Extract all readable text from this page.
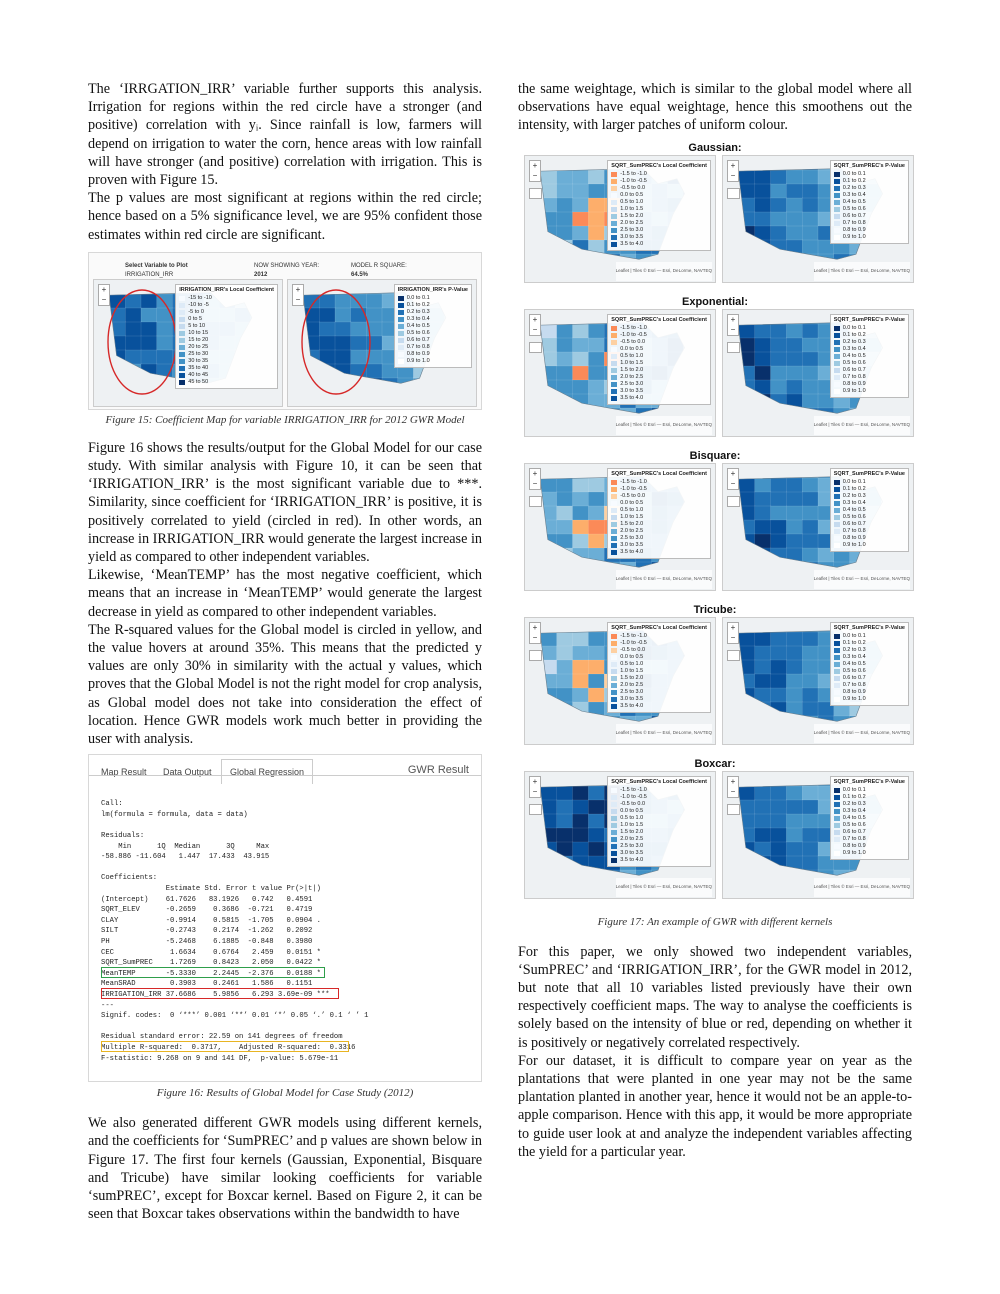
The ‘IRRGATION_IRR’ variable further supports this analysis. Irrigation for regions within the red circle have a stronger (and positive) correlation with yᵢ. Since rainfall is low, farmers will depend on irrigation to water the corn, hence areas with low rainfall will have stronger (and positive) correlation with irrigation. This is proven with Figure 15.

The p values are most significant at regions within the red circle; hence based on a 5% significance level, we are 95% confident those estimates within red circle are significant.

Select Variable to Plot
IRRIGATION_IRR
NOW SHOWING YEAR:
2012
MODEL R SQUARE:
64.5%
+
−
IRRIGATION_IRR's Local Coefficient
-15 to -10
-10 to -5
-5 to 0
0 to 5
5 to 10
10 to 15
15 to 20
20 to 25
25 to 30
30 to 35
35 to 40
40 to 45
45 to 50
+
−
IRRIGATION_IRR's P-Value
0.0 to 0.1
0.1 to 0.2
0.2 to 0.3
0.3 to 0.4
0.4 to 0.5
0.5 to 0.6
0.6 to 0.7
0.7 to 0.8
0.8 to 0.9
0.9 to 1.0
Figure 15: Coefficient Map for variable IRRIGATION_IRR for 2012 GWR Model

Figure 16 shows the results/output for the Global Model for our case study. With similar analysis with Figure 10, it can be seen that ‘IRRIGATION_IRR’ is the most significant variable due to ***. Similarity, since coefficient for ‘IRRIGATION_IRR’ is positive, it is positively correlated to yield (circled in red). In other words, an increase in IRRIGATION_IRR would generate the largest increase in yield as compared to other independent variables.

Likewise, ‘MeanTEMP’ has the most negative coefficient, which means that an increase in ‘MeanTEMP’ would generate the largest decrease in yield as compared to other independent variables.

The R-squared values for the Global model is circled in yellow, and the value hovers at around 35%. This means that the predicted y values are only 30% in similarity with the actual y values, which proves that the Global Model is not the right model for crop analysis, as Global model does not take into consideration the effect of location. Hence GWR models work much better in providing the user with analysis.

Map Result Data Output	Global Regression	GWR Result
Call:
lm(formula = formula, data = data)
Residuals:
Min      1Q  Median      3Q     Max
-58.886 -11.604   1.447  17.433  43.915
Coefficients:
Estimate Std. Error t value Pr(>|t|)
(Intercept)    61.7626   83.1926   0.742   0.4591
SQRT_ELEV      -0.2659    0.3686  -0.721   0.4719
CLAY           -0.9914    0.5815  -1.705   0.0904 .
SILT           -0.2743    0.2174  -1.262   0.2092
PH             -5.2468    6.1885  -0.848   0.3980
CEC             1.6634    0.6764   2.459   0.0151 *
SQRT_SumPREC    1.7269    0.8423   2.050   0.0422 *
MeanTEMP       -5.3330    2.2445  -2.376   0.0188 *
MeanSRAD        0.3903    0.2461   1.586   0.1151
IRRIGATION_IRR 37.6686    5.9856   6.293 3.69e-09 ***
---
Signif. codes:  0 ‘***’ 0.001 ‘**’ 0.01 ‘*’ 0.05 ‘.’ 0.1 ‘ ’ 1
Residual standard error: 22.59 on 141 degrees of freedom
Multiple R-squared:  0.3717,    Adjusted R-squared:  0.3316
F-statistic: 9.268 on 9 and 141 DF,  p-value: 5.679e-11
Figure 16: Results of Global Model for Case Study (2012)

We also generated different GWR models using different kernels, and the coefficients for ‘SumPREC’ and p values are shown below in Figure 17. The first four kernels (Gaussian, Exponential, Bisquare and Tricube) have similar looking coefficients for variable ‘sumPREC’, except for Boxcar kernel. Based on Figure 2, it can be seen that Boxcar takes observations within the bandwidth to have

the same weightage, which is similar to the global model where all observations have equal weightage, hence this smoothens out the intensity, with larger patches of uniform colour.

Gaussian:
+
−
SQRT_SumPREC's Local Coefficient
-1.5 to -1.0
-1.0 to -0.5
-0.5 to 0.0
0.0 to 0.5
0.5 to 1.0
1.0 to 1.5
1.5 to 2.0
2.0 to 2.5
2.5 to 3.0
3.0 to 3.5
3.5 to 4.0
Leaflet | Tiles © Esri — Esri, DeLorme, NAVTEQ
+
−
SQRT_SumPREC's P-Value
0.0 to 0.1
0.1 to 0.2
0.2 to 0.3
0.3 to 0.4
0.4 to 0.5
0.5 to 0.6
0.6 to 0.7
0.7 to 0.8
0.8 to 0.9
0.9 to 1.0
Leaflet | Tiles © Esri — Esri, DeLorme, NAVTEQ
Exponential:
+
−
SQRT_SumPREC's Local Coefficient
-1.5 to -1.0
-1.0 to -0.5
-0.5 to 0.0
0.0 to 0.5
0.5 to 1.0
1.0 to 1.5
1.5 to 2.0
2.0 to 2.5
2.5 to 3.0
3.0 to 3.5
3.5 to 4.0
Leaflet | Tiles © Esri — Esri, DeLorme, NAVTEQ
+
−
SQRT_SumPREC's P-Value
0.0 to 0.1
0.1 to 0.2
0.2 to 0.3
0.3 to 0.4
0.4 to 0.5
0.5 to 0.6
0.6 to 0.7
0.7 to 0.8
0.8 to 0.9
0.9 to 1.0
Leaflet | Tiles © Esri — Esri, DeLorme, NAVTEQ
Bisquare:
+
−
SQRT_SumPREC's Local Coefficient
-1.5 to -1.0
-1.0 to -0.5
-0.5 to 0.0
0.0 to 0.5
0.5 to 1.0
1.0 to 1.5
1.5 to 2.0
2.0 to 2.5
2.5 to 3.0
3.0 to 3.5
3.5 to 4.0
Leaflet | Tiles © Esri — Esri, DeLorme, NAVTEQ
+
−
SQRT_SumPREC's P-Value
0.0 to 0.1
0.1 to 0.2
0.2 to 0.3
0.3 to 0.4
0.4 to 0.5
0.5 to 0.6
0.6 to 0.7
0.7 to 0.8
0.8 to 0.9
0.9 to 1.0
Leaflet | Tiles © Esri — Esri, DeLorme, NAVTEQ
Tricube:
+
−
SQRT_SumPREC's Local Coefficient
-1.5 to -1.0
-1.0 to -0.5
-0.5 to 0.0
0.0 to 0.5
0.5 to 1.0
1.0 to 1.5
1.5 to 2.0
2.0 to 2.5
2.5 to 3.0
3.0 to 3.5
3.5 to 4.0
Leaflet | Tiles © Esri — Esri, DeLorme, NAVTEQ
+
−
SQRT_SumPREC's P-Value
0.0 to 0.1
0.1 to 0.2
0.2 to 0.3
0.3 to 0.4
0.4 to 0.5
0.5 to 0.6
0.6 to 0.7
0.7 to 0.8
0.8 to 0.9
0.9 to 1.0
Leaflet | Tiles © Esri — Esri, DeLorme, NAVTEQ
Boxcar:
+
−
SQRT_SumPREC's Local Coefficient
-1.5 to -1.0
-1.0 to -0.5
-0.5 to 0.0
0.0 to 0.5
0.5 to 1.0
1.0 to 1.5
1.5 to 2.0
2.0 to 2.5
2.5 to 3.0
3.0 to 3.5
3.5 to 4.0
Leaflet | Tiles © Esri — Esri, DeLorme, NAVTEQ
+
−
SQRT_SumPREC's P-Value
0.0 to 0.1
0.1 to 0.2
0.2 to 0.3
0.3 to 0.4
0.4 to 0.5
0.5 to 0.6
0.6 to 0.7
0.7 to 0.8
0.8 to 0.9
0.9 to 1.0
Leaflet | Tiles © Esri — Esri, DeLorme, NAVTEQ
Figure 17: An example of GWR with different kernels

For this paper, we only showed two independent variables, ‘SumPREC’ and ‘IRRIGATION_IRR’, for the GWR model in 2012, but note that all 10 variables listed previously have their own respectively coefficient maps. The way to analyse the coefficients is solely based on the intensity of blue or red, depending on whether it is positively or negatively correlated respectively.

For our dataset, it is difficult to compare year on year as the plantations that were planted in one year may not be the same plantation planted in another year, hence it would not be an apple-to-apple comparison. Hence with this app, it would be more appropriate to guide user look at and analyze the independent variables affecting the yield for a particular year.
